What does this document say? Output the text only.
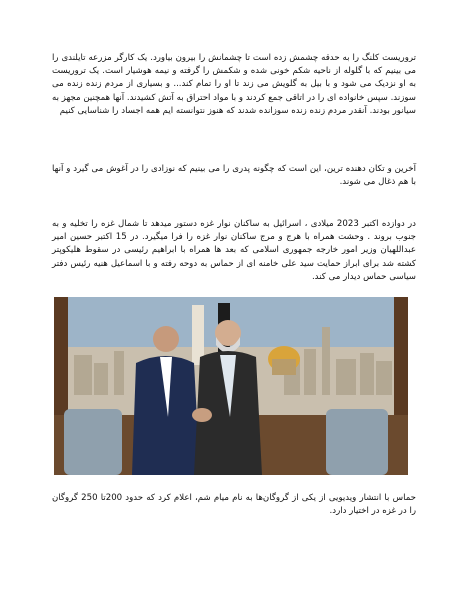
تروریست کلنگ را به حدقه چشمش زده است تا چشمانش را بیرون بیاورد. یک کارگر مزرعه تایلندی را می بینیم که با گلوله از ناحیه شکم خونی شده و شکمش را گرفته و نیمه هوشیار است. یک تروریست به او نزدیک می شود و با بیل به گلویش می زند تا او را تمام کند... و بسیاری از مردم زنده زنده می سوزند. سپس خانواده ای را در اتاقی جمع کردند و با مواد احتراق به آتش کشیدند. آنها همچنین مجهز به سیانور بودند. آنقدر مردم زنده زنده سوزانده شدند که هنوز نتوانسته ایم همه اجساد را شناسایی کنیم

آخرین و تکان دهنده ترین، این است که چگونه پدری را می بینیم که نوزادی را در آغوش می گیرد و آنها با هم ذغال می شوند.

در دوازده اکتبر 2023 میلادی ، اسرائیل به ساکنان نوار غزه دستور میدهد تا شمال غزه را تخلیه و به جنوب بروند . وحشت همراه با هرج و مرج ساکنان نوار غزه را فرا میگیرد. در 15 اکتبر حسین امیر عبداللهیان وزیر امور خارجه جمهوری اسلامی که بعد ها همراه با ابراهیم رئیسی در سقوط هلیکوپتر کشته شد برای ابراز حمایت سید علی خامنه ای از حماس به دوحه رفته و با اسماعیل هنیه رئیس دفتر سیاسی حماس دیدار می کند.

حماس با انتشار ویدیویی از یکی از گروگان‌ها به نام میام شم، اعلام کرد که حدود 200تا 250 گروگان را در غزه در اختیار دارد.
